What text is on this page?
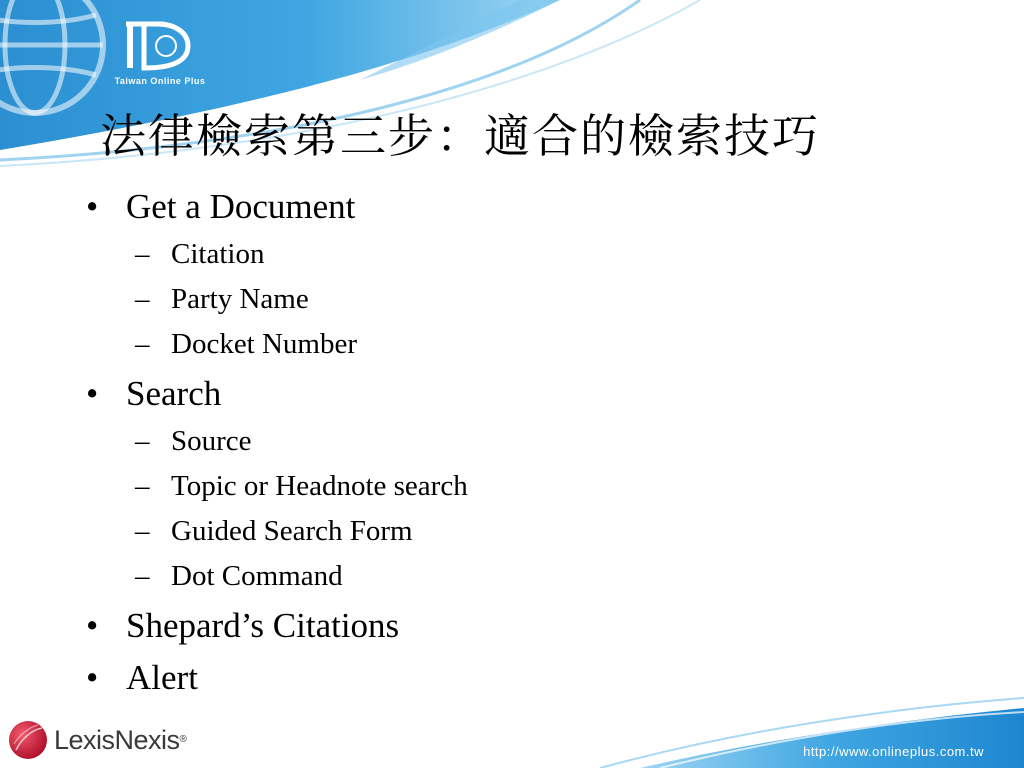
Taiwan Online Plus
法律檢索第三步：適合的檢索技巧
• Get a Document
– Citation
– Party Name
– Docket Number
• Search
– Source
– Topic or Headnote search
– Guided Search Form
– Dot Command
• Shepard’s Citations
• Alert
LexisNexis®
http://www.onlineplus.com.tw
